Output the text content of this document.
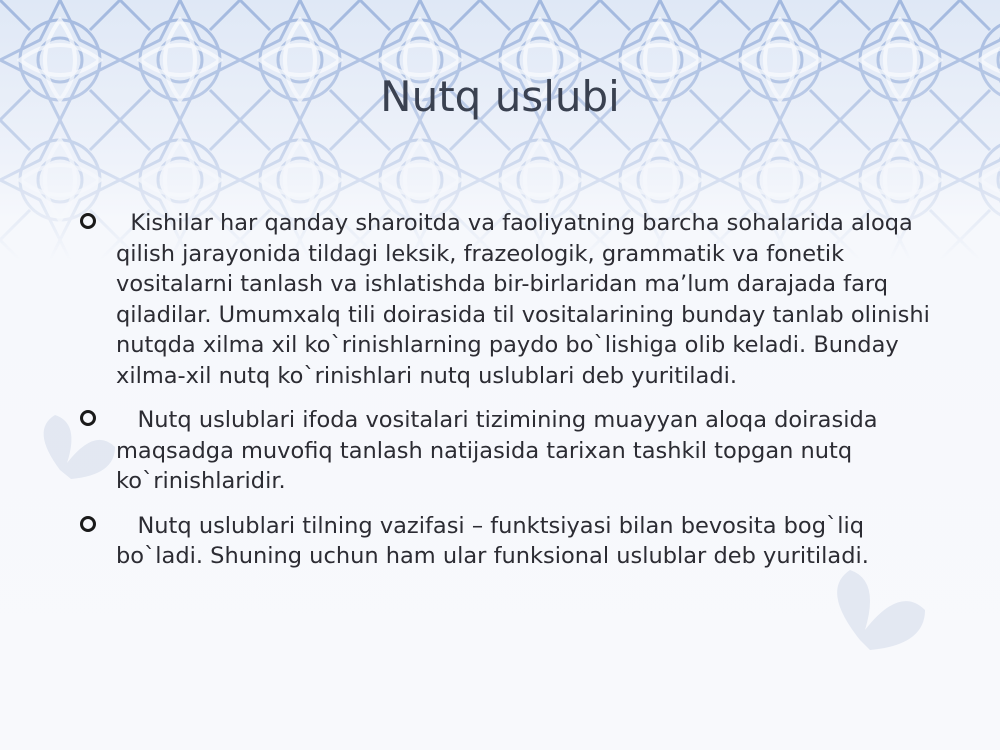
Nutq uslubi
Kishilar har qanday sharoitda va faoliyatning barcha sohalarida aloqa qilish jarayonida tildagi leksik, frazeologik, grammatik va fonetik vositalarni tanlash va ishlatishda bir-birlaridan ma’lum darajada farq qiladilar. Umumxalq tili doirasida til vositalarining bunday tanlab olinishi nutqda xilma xil ko`rinishlarning paydo bo`lishiga olib keladi. Bunday xilma-xil nutq ko`rinishlari nutq uslublari deb yuritiladi.
Nutq uslublari ifoda vositalari tizimining muayyan aloqa doirasida maqsadga muvofiq tanlash natijasida tarixan tashkil topgan nutq ko`rinishlaridir.
Nutq uslublari tilning vazifasi – funktsiyasi bilan bevosita bog`liq bo`ladi. Shuning uchun ham ular funksional uslublar deb yuritiladi.
